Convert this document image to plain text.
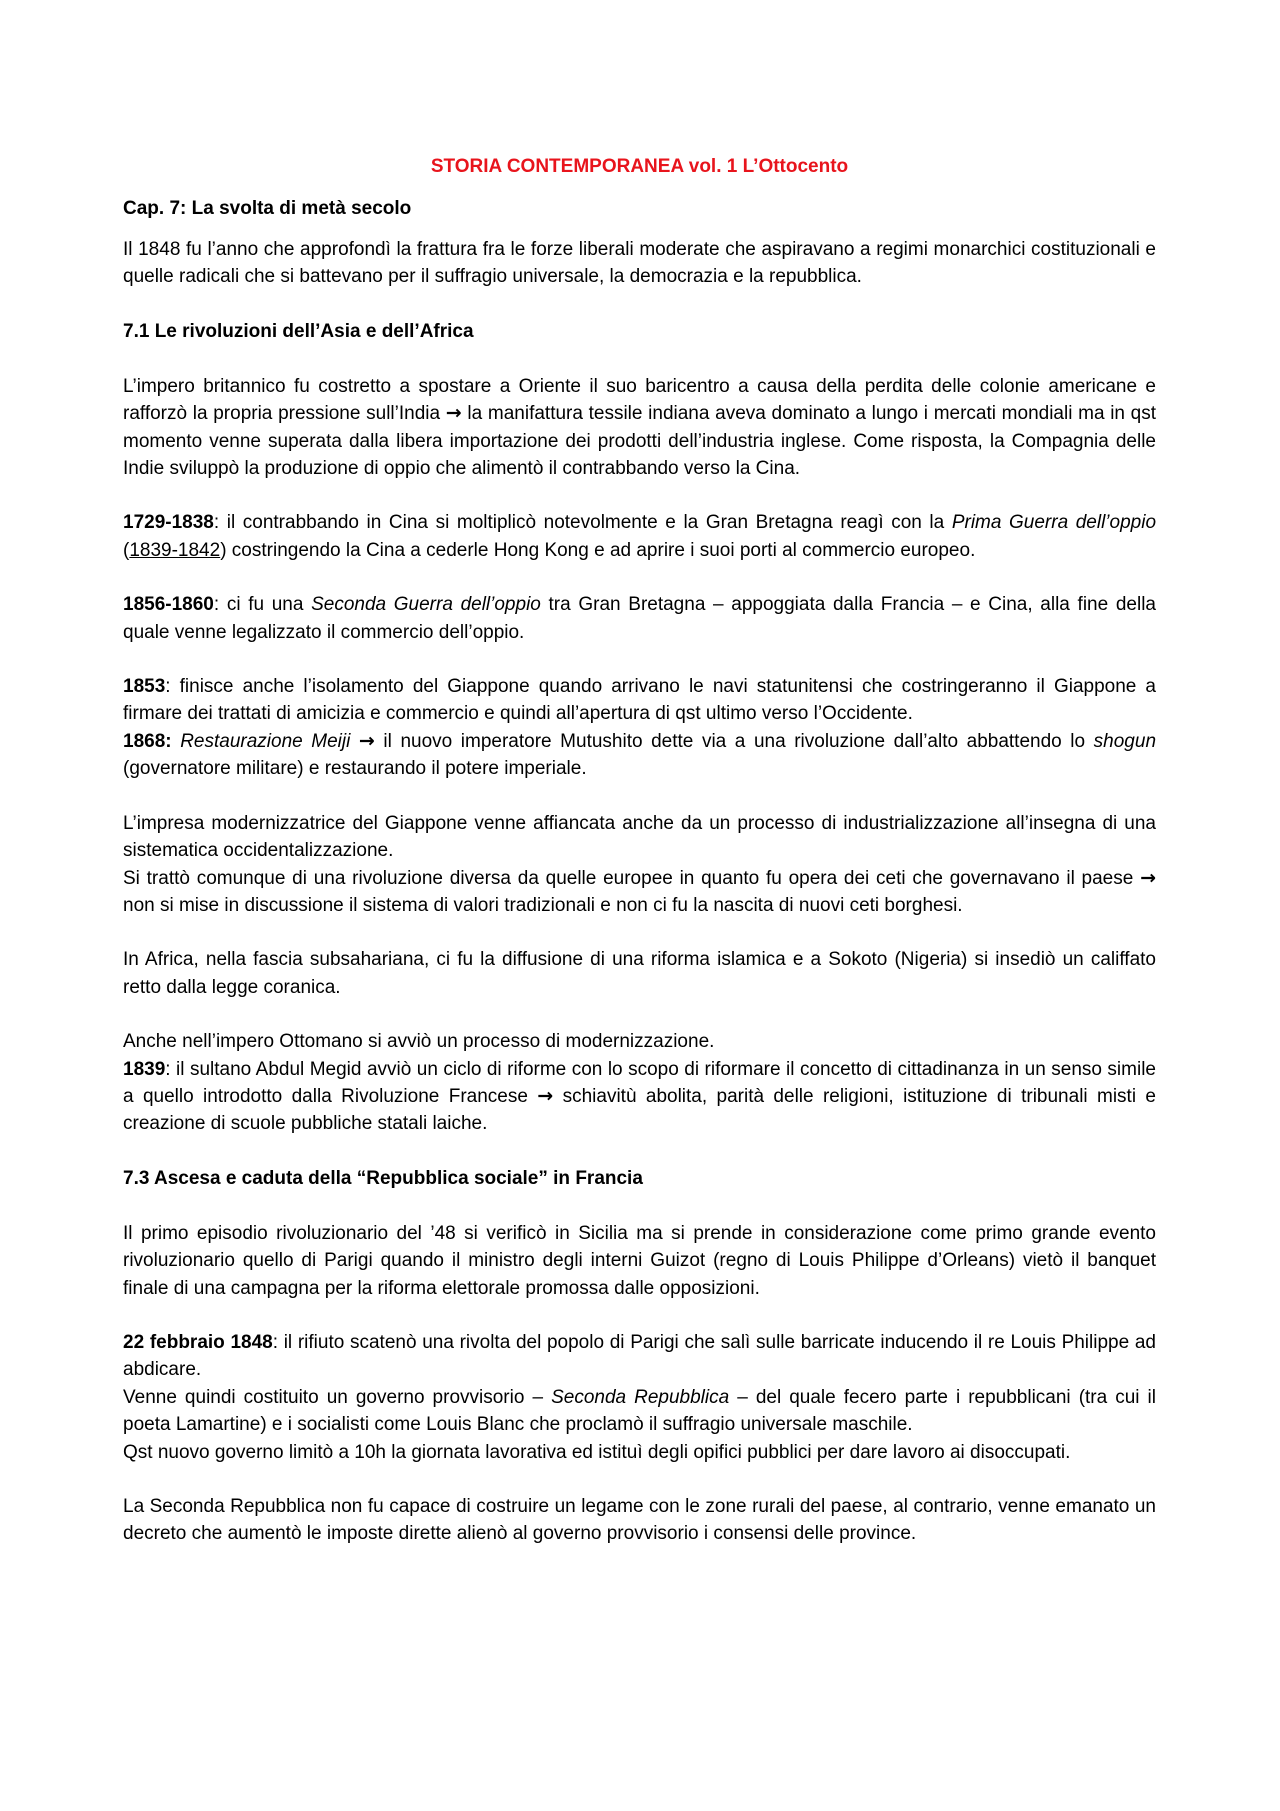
STORIA CONTEMPORANEA vol. 1 L’Ottocento
Cap. 7: La svolta di metà secolo

Il 1848 fu l’anno che approfondì la frattura fra le forze liberali moderate che aspiravano a regimi monarchici costituzionali e quelle radicali che si battevano per il suffragio universale, la democrazia e la repubblica.

7.1 Le rivoluzioni dell’Asia e dell’Africa

L’impero britannico fu costretto a spostare a Oriente il suo baricentro a causa della perdita delle colonie americane e rafforzò la propria pressione sull’India → la manifattura tessile indiana aveva dominato a lungo i mercati mondiali ma in qst momento venne superata dalla libera importazione dei prodotti dell’industria inglese. Come risposta, la Compagnia delle Indie sviluppò la produzione di oppio che alimentò il contrabbando verso la Cina.

1729-1838: il contrabbando in Cina si moltiplicò notevolmente e la Gran Bretagna reagì con la Prima Guerra dell’oppio (1839-1842) costringendo la Cina a cederle Hong Kong e ad aprire i suoi porti al commercio europeo.

1856-1860: ci fu una Seconda Guerra dell’oppio tra Gran Bretagna – appoggiata dalla Francia – e Cina, alla fine della quale venne legalizzato il commercio dell’oppio.

1853: finisce anche l’isolamento del Giappone quando arrivano le navi statunitensi che costringeranno il Giappone a firmare dei trattati di amicizia e commercio e quindi all’apertura di qst ultimo verso l’Occidente.

1868: Restaurazione Meiji → il nuovo imperatore Mutushito dette via a una rivoluzione dall’alto abbattendo lo shogun (governatore militare) e restaurando il potere imperiale.

L’impresa modernizzatrice del Giappone venne affiancata anche da un processo di industrializzazione all’insegna di una sistematica occidentalizzazione.

Si trattò comunque di una rivoluzione diversa da quelle europee in quanto fu opera dei ceti che governavano il paese → non si mise in discussione il sistema di valori tradizionali e non ci fu la nascita di nuovi ceti borghesi.

In Africa, nella fascia subsahariana, ci fu la diffusione di una riforma islamica e a Sokoto (Nigeria) si insediò un califfato retto dalla legge coranica.

Anche nell’impero Ottomano si avviò un processo di modernizzazione.

1839: il sultano Abdul Megid avviò un ciclo di riforme con lo scopo di riformare il concetto di cittadinanza in un senso simile a quello introdotto dalla Rivoluzione Francese → schiavitù abolita, parità delle religioni, istituzione di tribunali misti e creazione di scuole pubbliche statali laiche.

7.3 Ascesa e caduta della “Repubblica sociale” in Francia

Il primo episodio rivoluzionario del ’48 si verificò in Sicilia ma si prende in considerazione come primo grande evento rivoluzionario quello di Parigi quando il ministro degli interni Guizot (regno di Louis Philippe d’Orleans) vietò il banquet finale di una campagna per la riforma elettorale promossa dalle opposizioni.

22 febbraio 1848: il rifiuto scatenò una rivolta del popolo di Parigi che salì sulle barricate inducendo il re Louis Philippe ad abdicare.

Venne quindi costituito un governo provvisorio – Seconda Repubblica – del quale fecero parte i repubblicani (tra cui il poeta Lamartine) e i socialisti come Louis Blanc che proclamò il suffragio universale maschile.

Qst nuovo governo limitò a 10h la giornata lavorativa ed istituì degli opifici pubblici per dare lavoro ai disoccupati.

La Seconda Repubblica non fu capace di costruire un legame con le zone rurali del paese, al contrario, venne emanato un decreto che aumentò le imposte dirette alienò al governo provvisorio i consensi delle province.
